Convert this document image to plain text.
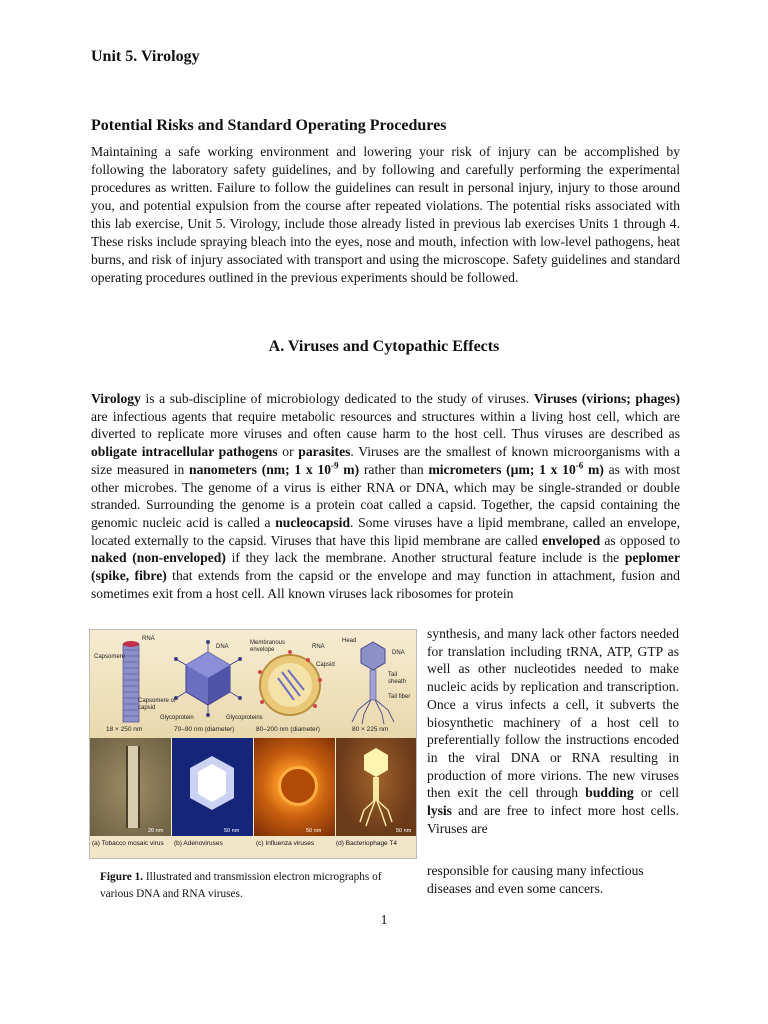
Unit 5. Virology
Potential Risks and Standard Operating Procedures
Maintaining a safe working environment and lowering your risk of injury can be accomplished by following the laboratory safety guidelines, and by following and carefully performing the experimental procedures as written. Failure to follow the guidelines can result in personal injury, injury to those around you, and potential expulsion from the course after repeated violations. The potential risks associated with this lab exercise, Unit 5. Virology, include those already listed in previous lab exercises Units 1 through 4. These risks include spraying bleach into the eyes, nose and mouth, infection with low-level pathogens, heat burns, and risk of injury associated with transport and using the microscope. Safety guidelines and standard operating procedures outlined in the previous experiments should be followed.
A. Viruses and Cytopathic Effects
Virology is a sub-discipline of microbiology dedicated to the study of viruses. Viruses (virions; phages) are infectious agents that require metabolic resources and structures within a living host cell, which are diverted to replicate more viruses and often cause harm to the host cell. Thus viruses are described as obligate intracellular pathogens or parasites. Viruses are the smallest of known microorganisms with a size measured in nanometers (nm; 1 x $10^{-9}$ m) rather than micrometers (µm; 1 x $10^{-6}$ m) as with most other microbes. The genome of a virus is either RNA or DNA, which may be single-stranded or double stranded. Surrounding the genome is a protein coat called a capsid. Together, the capsid containing the genomic nucleic acid is called a nucleocapsid. Some viruses have a lipid membrane, called an envelope, located externally to the capsid. Viruses that have this lipid membrane are called enveloped as opposed to naked (non-enveloped) if they lack the membrane. Another structural feature include is the peplomer (spike, fibre) that extends from the capsid or the envelope and may function in attachment, fusion and sometimes exit from a host cell. All known viruses lack ribosomes for protein
synthesis, and many lack other factors needed for translation including tRNA, ATP, GTP as well as other nucleotides needed to make nucleic acids by replication and transcription. Once a virus infects a cell, it subverts the biosynthetic machinery of a host cell to preferentially follow the instructions encoded in the viral DNA or RNA resulting in production of more virions. The new viruses then exit the cell through budding or cell lysis and are free to infect more host cells. Viruses are
responsible for causing many infectious diseases and even some cancers.
RNA
Capsomere
Capsomere of capsid
DNA
Glycoprotein
Membranous envelope	RNA
Capsid
Glycoproteins
Head
DNA
Tail sheath
Tail fiber
18 × 250 nm	70–90 nm (diameter)	80–200 nm (diameter)	80 × 225 nm
20 nm	50 nm	50 nm	50 nm
(a) Tobacco mosaic virus	(b) Adenoviruses	(c) Influenza viruses	(d) Bacteriophage T4
Figure 1. Illustrated and transmission electron micrographs of various DNA and RNA viruses.
1
